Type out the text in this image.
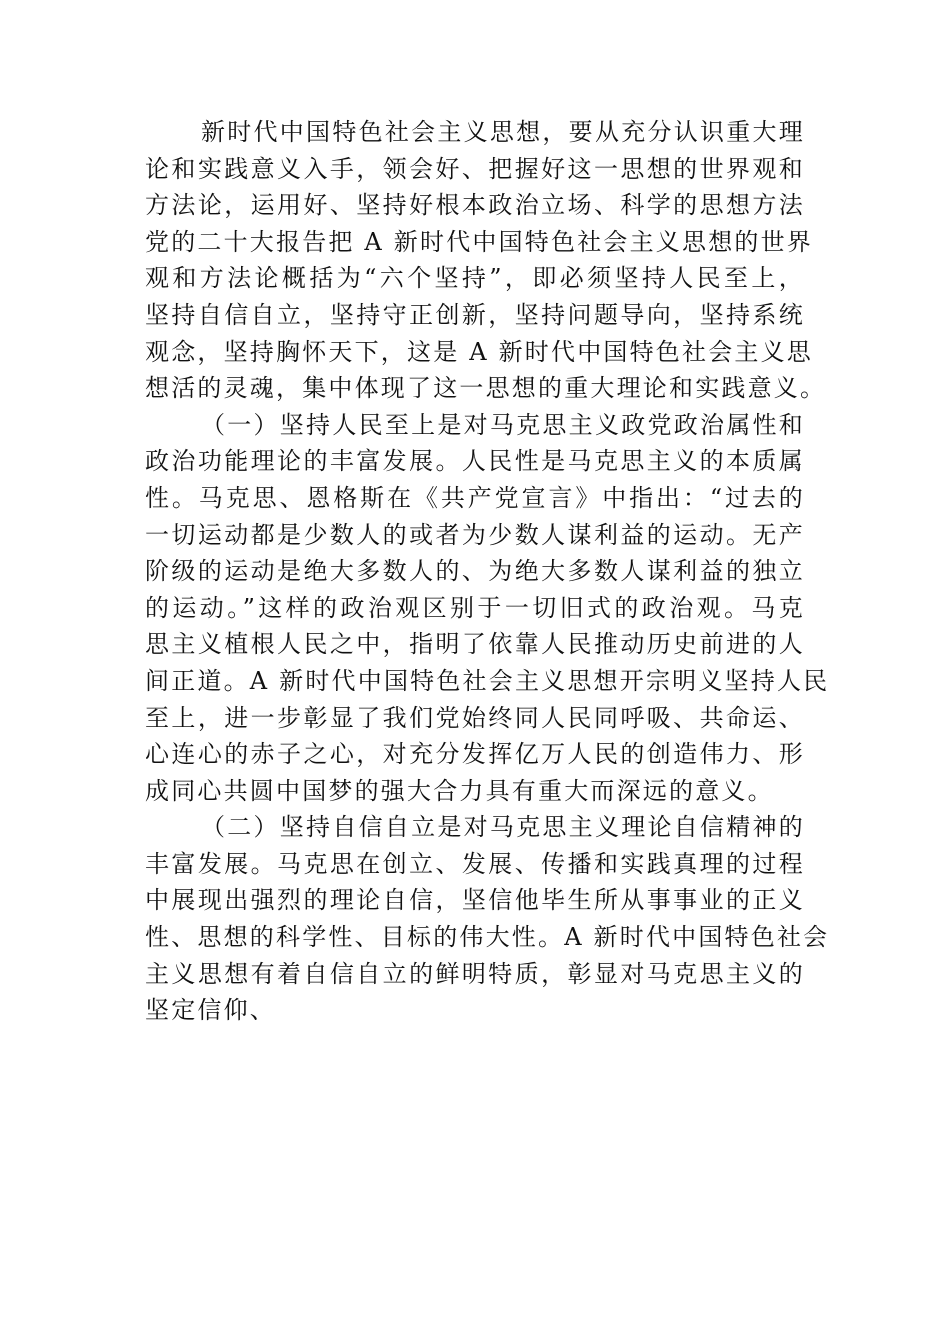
新时代中国特色社会主义思想，要从充分认识重大理
论和实践意义入手，领会好、把握好这一思想的世界观和
方法论，运用好、坚持好根本政治立场、科学的思想方法
党的二十大报告把 A 新时代中国特色社会主义思想的世界
观和方法论概括为“六个坚持”，即必须坚持人民至上，
坚持自信自立，坚持守正创新，坚持问题导向，坚持系统
观念，坚持胸怀天下，这是 A 新时代中国特色社会主义思
想活的灵魂，集中体现了这一思想的重大理论和实践意义。
（一）坚持人民至上是对马克思主义政党政治属性和
政治功能理论的丰富发展。人民性是马克思主义的本质属
性。马克思、恩格斯在《共产党宣言》中指出：“过去的
一切运动都是少数人的或者为少数人谋利益的运动。无产
阶级的运动是绝大多数人的、为绝大多数人谋利益的独立
的运动。”这样的政治观区别于一切旧式的政治观。马克
思主义植根人民之中，指明了依靠人民推动历史前进的人
间正道。A 新时代中国特色社会主义思想开宗明义坚持人民
至上，进一步彰显了我们党始终同人民同呼吸、共命运、
心连心的赤子之心，对充分发挥亿万人民的创造伟力、形
成同心共圆中国梦的强大合力具有重大而深远的意义。
（二）坚持自信自立是对马克思主义理论自信精神的
丰富发展。马克思在创立、发展、传播和实践真理的过程
中展现出强烈的理论自信，坚信他毕生所从事事业的正义
性、思想的科学性、目标的伟大性。A 新时代中国特色社会
主义思想有着自信自立的鲜明特质，彰显对马克思主义的
坚定信仰、
